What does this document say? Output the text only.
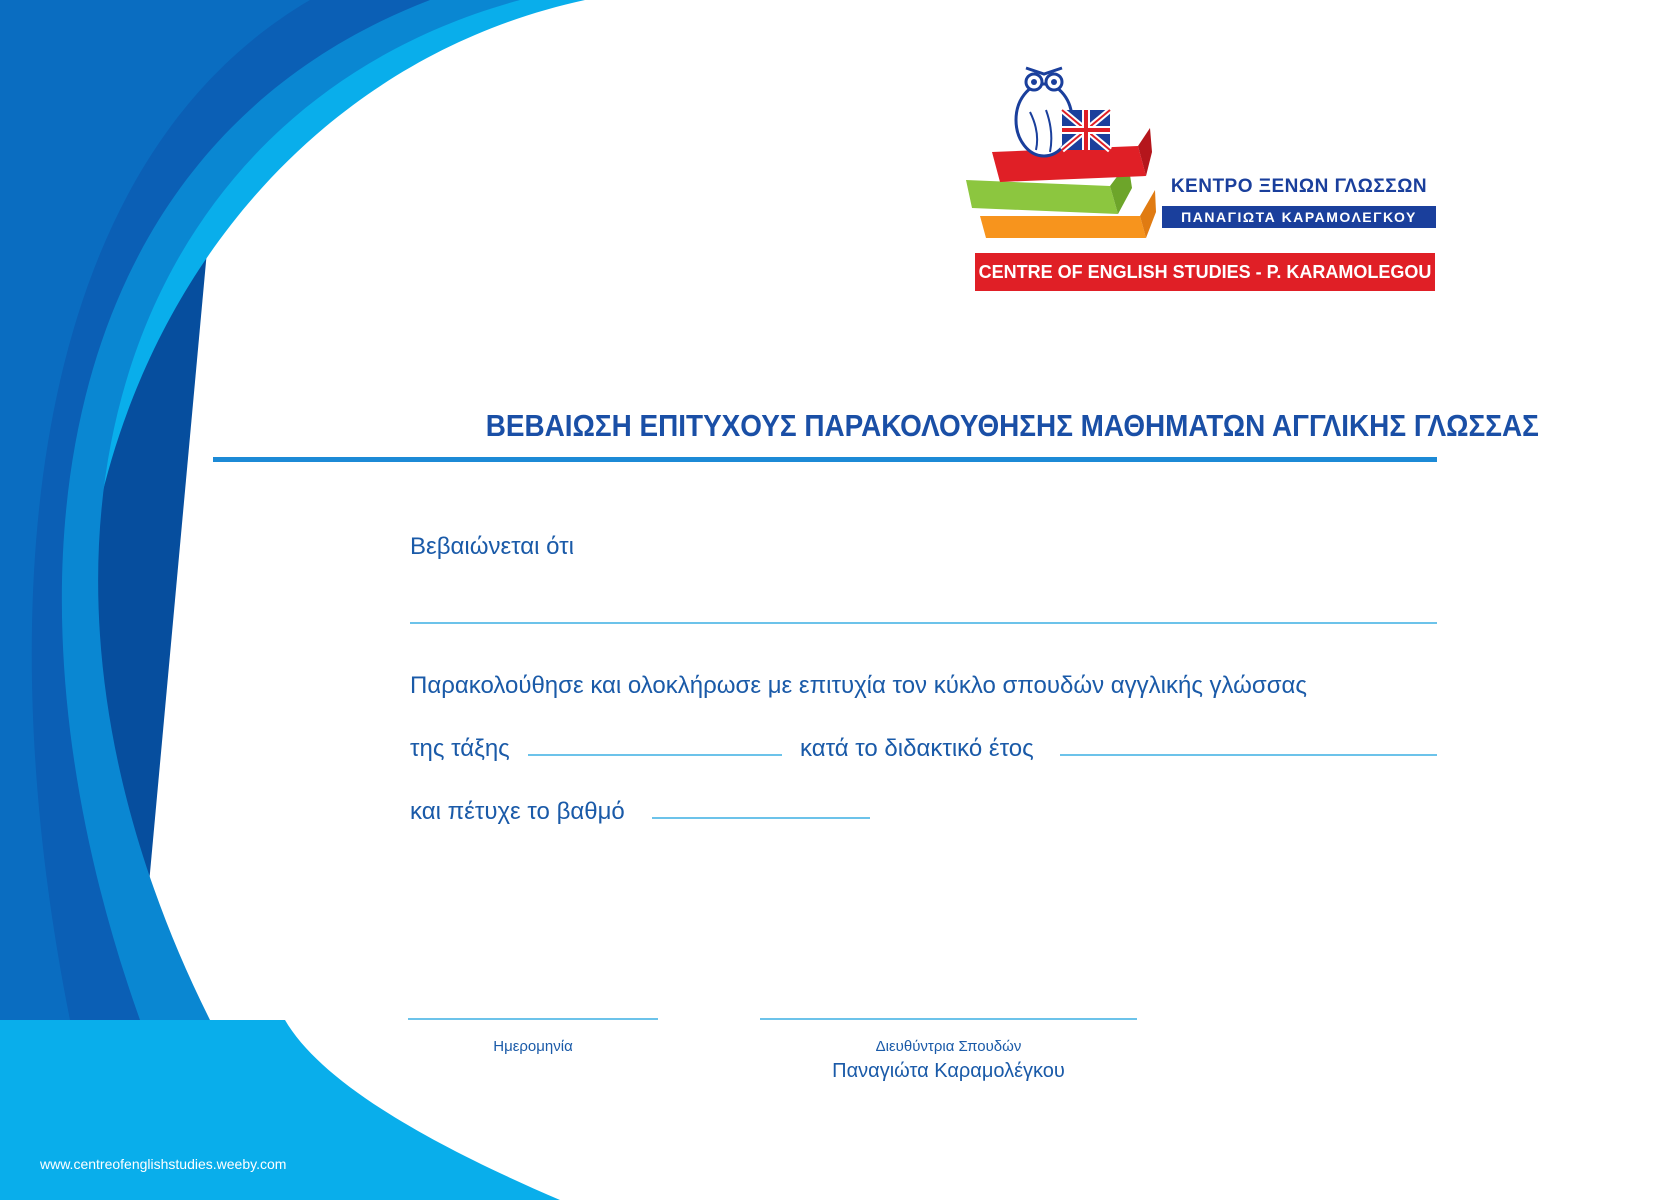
ΚΕΝΤΡΟ ΞΕΝΩΝ ΓΛΩΣΣΩΝ
ΠΑΝΑΓΙΩΤΑ ΚΑΡΑΜΟΛΕΓΚΟΥ
CENTRE OF ENGLISH STUDIES - P. KARAMOLEGOU
ΒΕΒΑΙΩΣΗ ΕΠΙΤΥΧΟΥΣ ΠΑΡΑΚΟΛΟΥΘΗΣΗΣ ΜΑΘΗΜΑΤΩΝ ΑΓΓΛΙΚΗΣ ΓΛΩΣΣΑΣ
Βεβαιώνεται ότι
Παρακολούθησε και ολοκλήρωσε με επιτυχία τον κύκλο σπουδών αγγλικής γλώσσας
της τάξης	κατά το διδακτικό έτος
και πέτυχε το βαθμό
Ημερομηνία	Διευθύντρια Σπουδών
Παναγιώτα Καραμολέγκου
www.centreofenglishstudies.weeby.com
